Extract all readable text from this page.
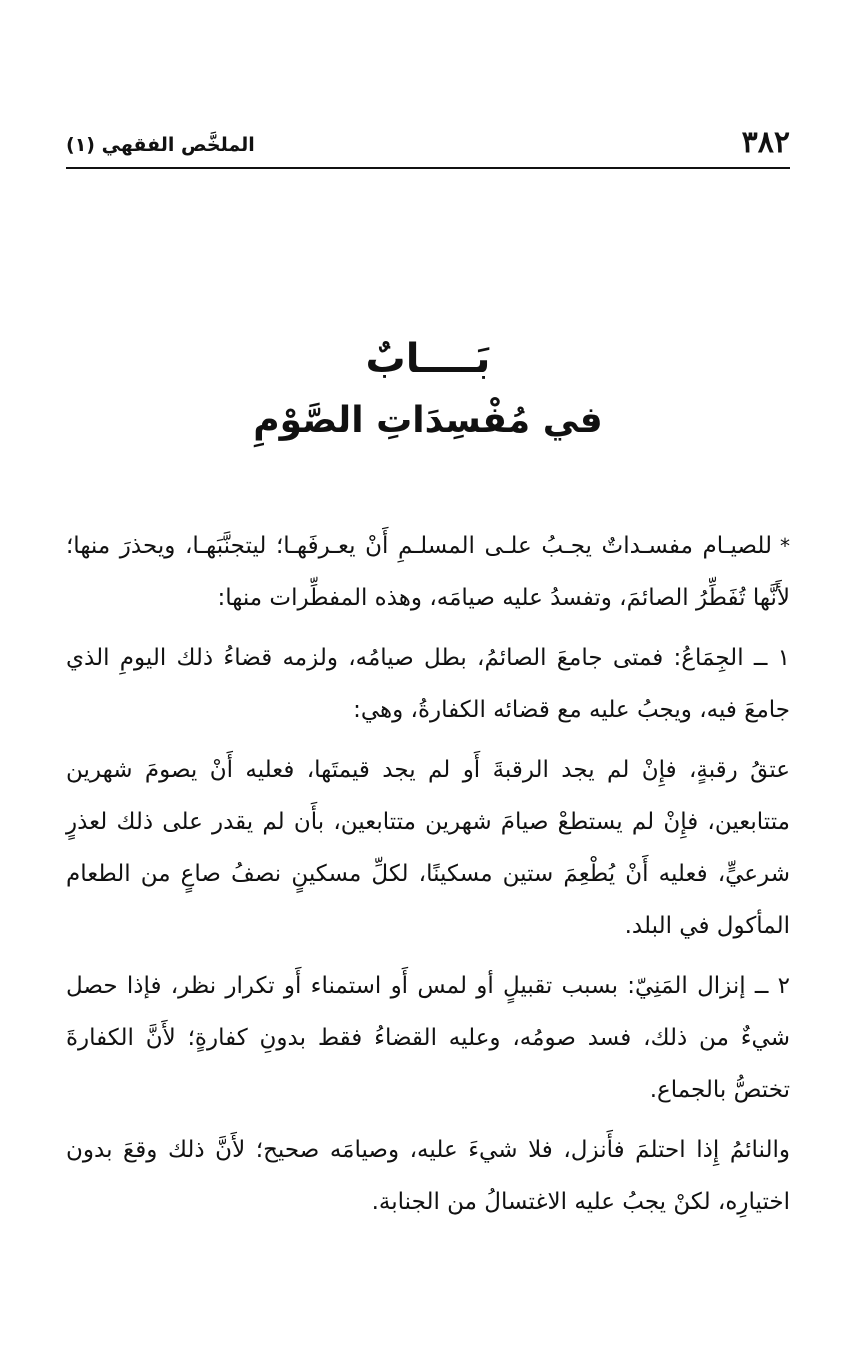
٣٨٢
الملخَّص الفقهي (١)
بَــــابٌ
في مُفْسِدَاتِ الصَّوْمِ

*للصيـام مفسـداتٌ يجـبُ علـى المسلـمِ أَنْ يعـرفَهـا؛ ليتجنَّبَهـا، ويحذرَ منها؛ لأَنَّها تُفَطِّرُ الصائمَ، وتفسدُ عليه صيامَه، وهذه المفطِّرات منها:

١ ــ الجِمَاعُ: فمتى جامعَ الصائمُ، بطل صيامُه، ولزمه قضاءُ ذلك اليومِ الذي جامعَ فيه، ويجبُ عليه مع قضائه الكفارةُ، وهي:

عتقُ رقبةٍ، فإِنْ لم يجد الرقبةَ أَو لم يجد قيمتَها، فعليه أَنْ يصومَ شهرين متتابعين، فإِنْ لم يستطعْ صيامَ شهرين متتابعين، بأَن لم يقدر على ذلك لعذرٍ شرعيٍّ، فعليه أَنْ يُطْعِمَ ستين مسكينًا، لكلِّ مسكينٍ نصفُ صاعٍ من الطعام المأكول في البلد.

٢ ــ إنزال المَنِيّ: بسبب تقبيلٍ أو لمس أَو استمناء أَو تكرار نظر، فإذا حصل شيءٌ من ذلك، فسد صومُه، وعليه القضاءُ فقط بدونِ كفارةٍ؛ لأَنَّ الكفارةَ تختصُّ بالجماع.

والنائمُ إِذا احتلمَ فأَنزل، فلا شيءَ عليه، وصيامَه صحيح؛ لأَنَّ ذلك وقعَ بدون اختيارِه، لكنْ يجبُ عليه الاغتسالُ من الجنابة.
